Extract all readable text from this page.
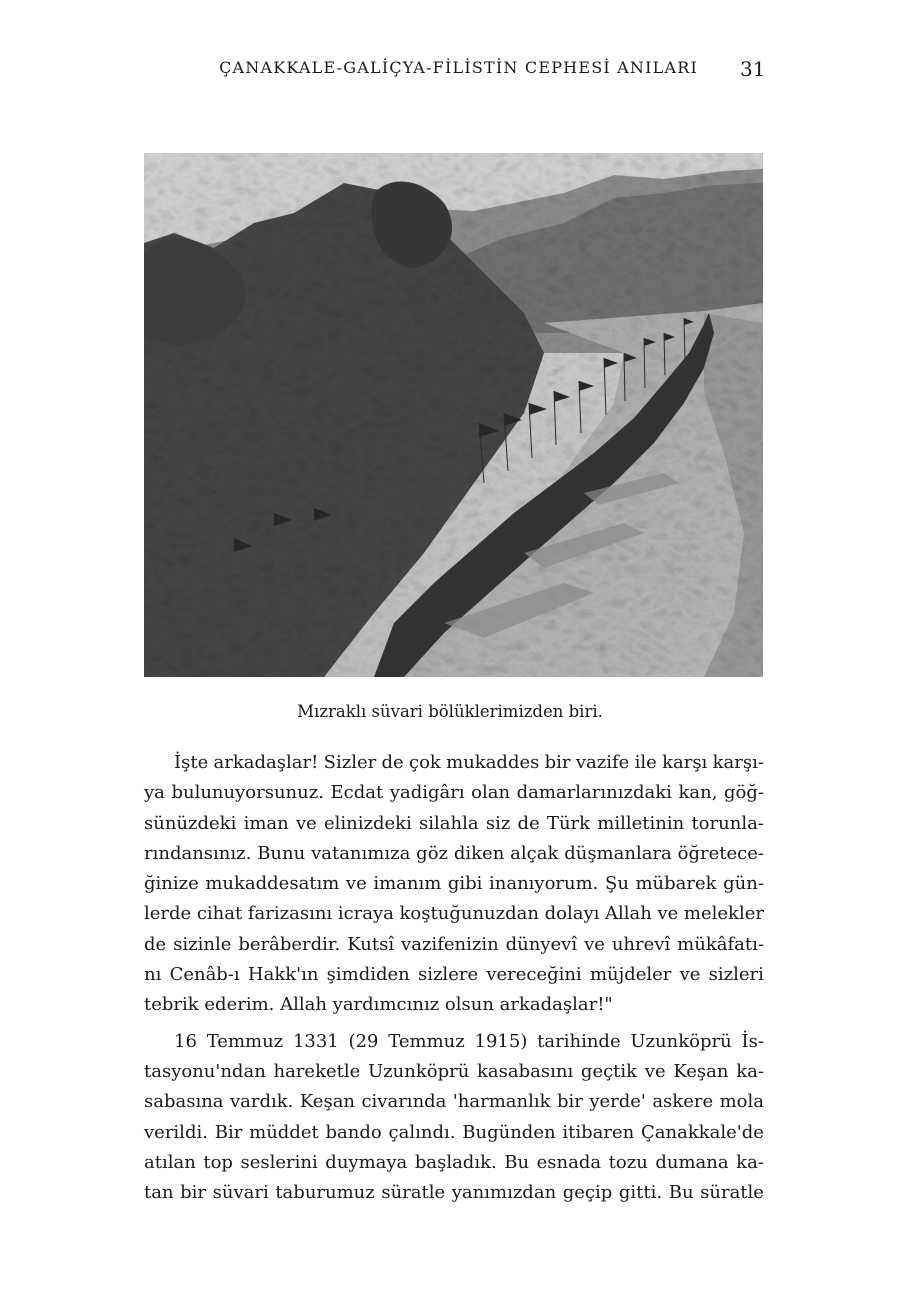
ÇANAKKALE-GALİÇYA-FİLİSTİN CEPHESİ ANILARI 31
Mızraklı süvari bölüklerimizden biri.
İşte arkadaşlar! Sizler de çok mukaddes bir vazife ile karşı karşı-
ya bulunuyorsunuz. Ecdat yadigârı olan damarlarınızdaki kan, göğ-
sünüzdeki iman ve elinizdeki silahla siz de Türk milletinin torunla-
rındansınız. Bunu vatanımıza göz diken alçak düşmanlara öğretece-
ğinize mukaddesatım ve imanım gibi inanıyorum. Şu mübarek gün-
lerde cihat farizasını icraya koştuğunuzdan dolayı Allah ve melekler
de sizinle berâberdir. Kutsî vazifenizin dünyevî ve uhrevî mükâfatı-
nı Cenâb-ı Hakk'ın şimdiden sizlere vereceğini müjdeler ve sizleri
tebrik ederim. Allah yardımcınız olsun arkadaşlar!"
16 Temmuz 1331 (29 Temmuz 1915) tarihinde Uzunköprü İs-
tasyonu'ndan hareketle Uzunköprü kasabasını geçtik ve Keşan ka-
sabasına vardık. Keşan civarında 'harmanlık bir yerde' askere mola
verildi. Bir müddet bando çalındı. Bugünden itibaren Çanakkale'de
atılan top seslerini duymaya başladık. Bu esnada tozu dumana ka-
tan bir süvari taburumuz süratle yanımızdan geçip gitti. Bu süratle
